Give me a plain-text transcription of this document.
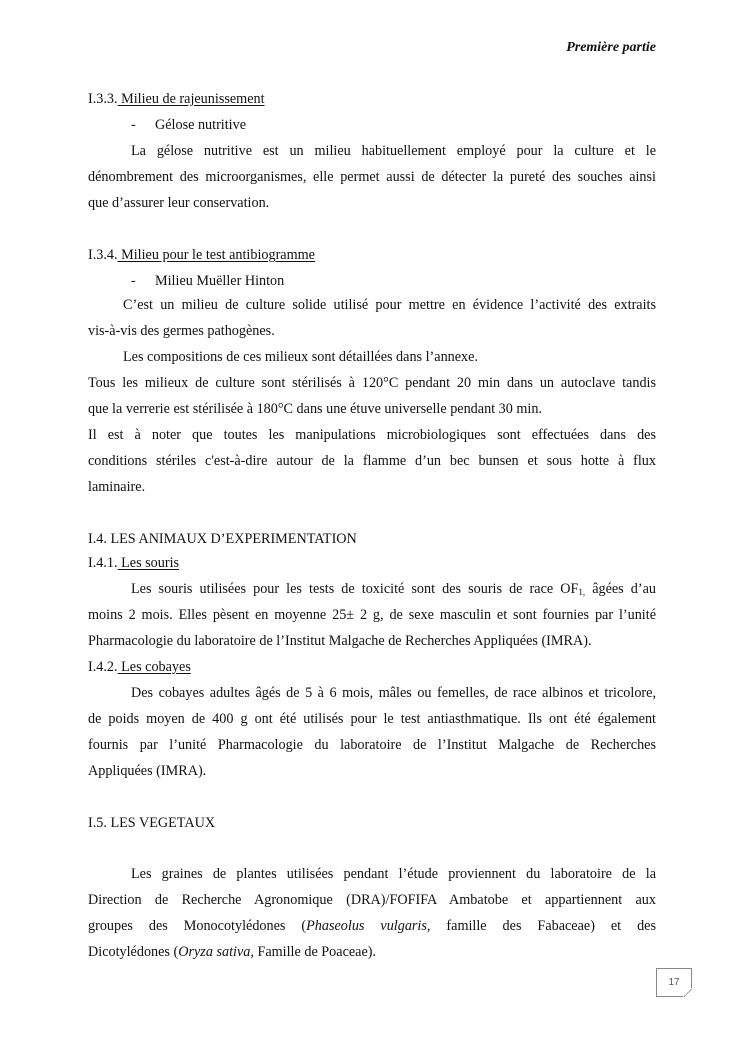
Première partie
I.3.3. Milieu de rajeunissement
- Gélose nutritive
La gélose nutritive est un milieu habituellement employé pour la culture et le
dénombrement des microorganismes, elle permet aussi de détecter la pureté des souches ainsi
que d’assurer leur conservation.
I.3.4. Milieu pour le test antibiogramme
- Milieu Muëller Hinton
C’est un milieu de culture solide utilisé pour mettre en évidence l’activité des extraits
vis-à-vis des germes pathogènes.
Les compositions de ces milieux sont détaillées dans l’annexe.
Tous les milieux de culture sont stérilisés à 120°C pendant 20 min dans un autoclave tandis
que la verrerie est stérilisée à 180°C dans une étuve universelle pendant 30 min.
Il est à noter que toutes les manipulations microbiologiques sont effectuées dans des
conditions stériles c'est-à-dire autour de la flamme d’un bec bunsen et sous hotte à flux
laminaire.
I.4. LES ANIMAUX D’EXPERIMENTATION
I.4.1. Les souris
Les souris utilisées pour les tests de toxicité sont des souris de race $OF_{1,}$ âgées d’au
moins 2 mois. Elles pèsent en moyenne 25± 2 g, de sexe masculin et sont fournies par l’unité
Pharmacologie du laboratoire de l’Institut Malgache de Recherches Appliquées (IMRA).
I.4.2. Les cobayes
Des cobayes adultes âgés de 5 à 6 mois, mâles ou femelles, de race albinos et tricolore,
de poids moyen de 400 g ont été utilisés pour le test antiasthmatique. Ils ont été également
fournis par l’unité Pharmacologie du laboratoire de l’Institut Malgache de Recherches
Appliquées (IMRA).
I.5. LES VEGETAUX
Les graines de plantes utilisées pendant l’étude proviennent du laboratoire de la
Direction de Recherche Agronomique (DRA)/FOFIFA Ambatobe et appartiennent aux
groupes des Monocotylédones (Phaseolus vulgaris, famille des Fabaceae) et des
Dicotylédones (Oryza sativa, Famille de Poaceae).
17
